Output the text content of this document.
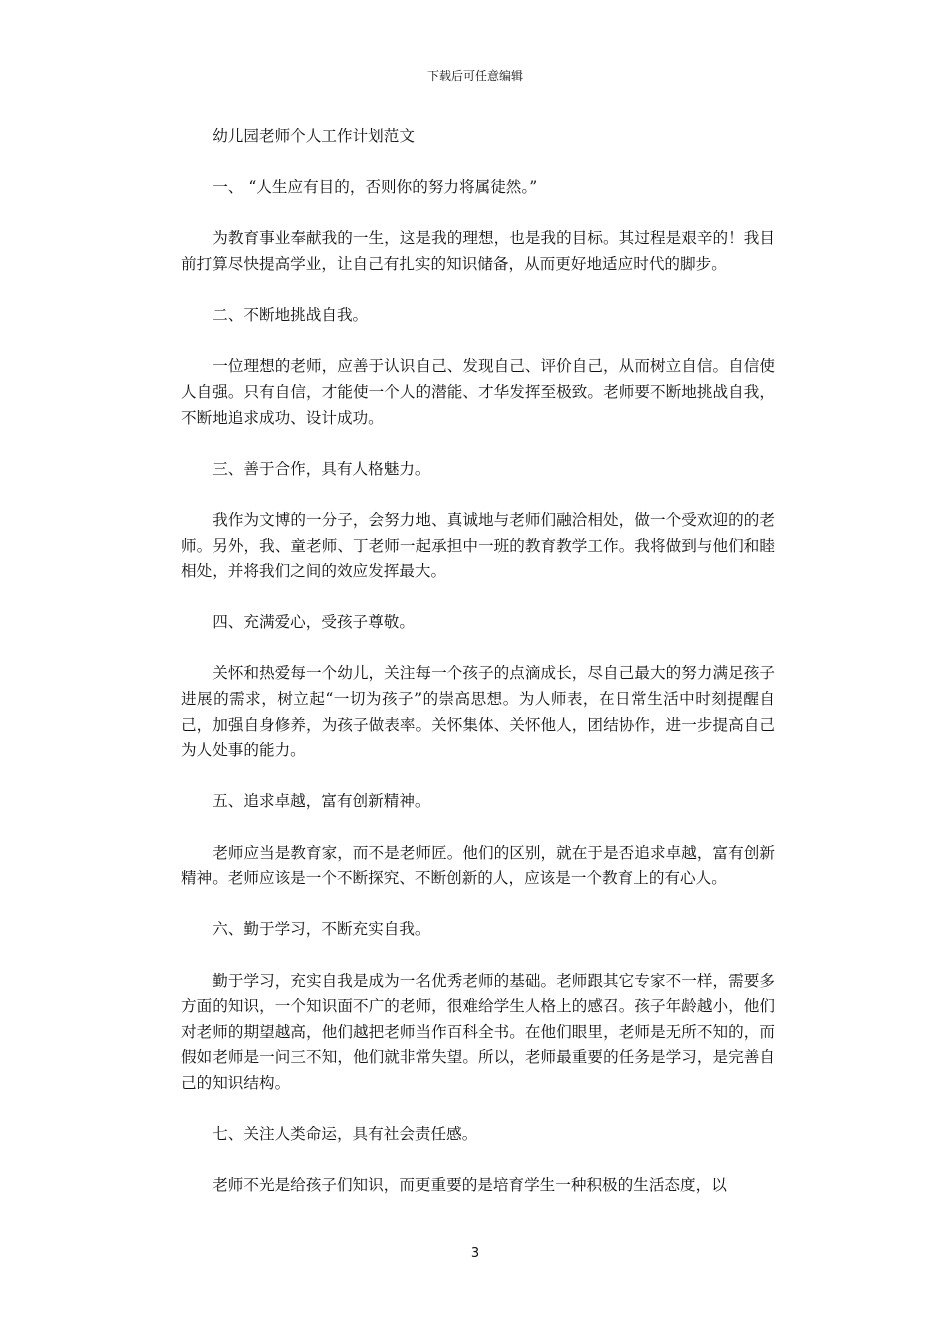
下载后可任意编辑

幼儿园老师个人工作计划范文

一、 “人生应有目的，否则你的努力将属徒然。”

为教育事业奉献我的一生，这是我的理想，也是我的目标。其过程是艰辛的！我目前打算尽快提高学业，让自己有扎实的知识储备，从而更好地适应时代的脚步。

二、不断地挑战自我。

一位理想的老师，应善于认识自己、发现自己、评价自己，从而树立自信。自信使人自强。只有自信，才能使一个人的潜能、才华发挥至极致。老师要不断地挑战自我，不断地追求成功、设计成功。

三、善于合作，具有人格魅力。

我作为文博的一分子，会努力地、真诚地与老师们融洽相处，做一个受欢迎的的老师。另外，我、童老师、丁老师一起承担中一班的教育教学工作。我将做到与他们和睦相处，并将我们之间的效应发挥最大。

四、充满爱心，受孩子尊敬。

关怀和热爱每一个幼儿，关注每一个孩子的点滴成长，尽自己最大的努力满足孩子进展的需求，树立起“一切为孩子”的崇高思想。为人师表，在日常生活中时刻提醒自己，加强自身修养，为孩子做表率。关怀集体、关怀他人，团结协作，进一步提高自己为人处事的能力。

五、追求卓越，富有创新精神。

老师应当是教育家，而不是老师匠。他们的区别，就在于是否追求卓越，富有创新精神。老师应该是一个不断探究、不断创新的人，应该是一个教育上的有心人。

六、勤于学习，不断充实自我。

勤于学习，充实自我是成为一名优秀老师的基础。老师跟其它专家不一样，需要多方面的知识，一个知识面不广的老师，很难给学生人格上的感召。孩子年龄越小，他们对老师的期望越高，他们越把老师当作百科全书。在他们眼里，老师是无所不知的，而假如老师是一问三不知，他们就非常失望。所以，老师最重要的任务是学习，是完善自己的知识结构。

七、关注人类命运，具有社会责任感。

老师不光是给孩子们知识，而更重要的是培育学生一种积极的生活态度，以

3
